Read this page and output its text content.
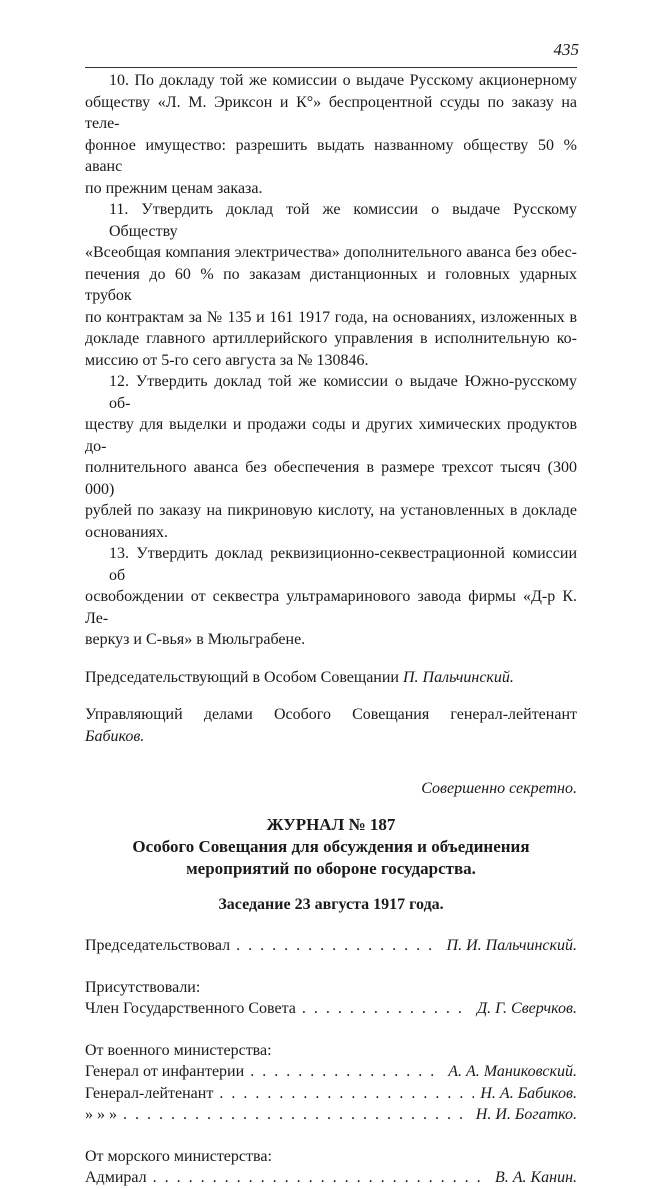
435
10. По докладу той же комиссии о выдаче Русскому акционерному
обществу «Л. М. Эриксон и К°» беспроцентной ссуды по заказу на теле-
фонное имущество: разрешить выдать названному обществу 50 % аванс
по прежним ценам заказа.
11. Утвердить доклад той же комиссии о выдаче Русскому Обществу
«Всеобщая компания электричества» дополнительного аванса без обес-
печения до 60 % по заказам дистанционных и головных ударных трубок
по контрактам за № 135 и 161 1917 года, на основаниях, изложенных в
докладе главного артиллерийского управления в исполнительную ко-
миссию от 5-го сего августа за № 130846.
12. Утвердить доклад той же комиссии о выдаче Южно-русскому об-
ществу для выделки и продажи соды и других химических продуктов до-
полнительного аванса без обеспечения в размере трехсот тысяч (300 000)
рублей по заказу на пикриновую кислоту, на установленных в докладе
основаниях.
13. Утвердить доклад реквизиционно-секвестрационной комиссии об
освобождении от секвестра ультрамаринового завода фирмы «Д-р К. Ле-
веркуз и С-вья» в Мюльграбене.
Председательствующий в Особом Совещании П. Пальчинский.
Управляющий делами Особого Совещания генерал-лейтенант
Бабиков.
Совершенно секретно.
ЖУРНАЛ № 187
Особого Совещания для обсуждения и объединения
мероприятий по обороне государства.
Заседание 23 августа 1917 года.
Председательствовал . . .	П. И. Пальчинский.
Присутствовали:
Член Государственного Совета . . .	Д. Г. Сверчков.
От военного министерства:
Генерал от инфантерии . . .	А. А. Маниковский.
Генерал-лейтенант . . .	Н. А. Бабиков.
» » » . . .	Н. И. Богатко.
От морского министерства:
Адмирал . . .	В. А. Канин.
